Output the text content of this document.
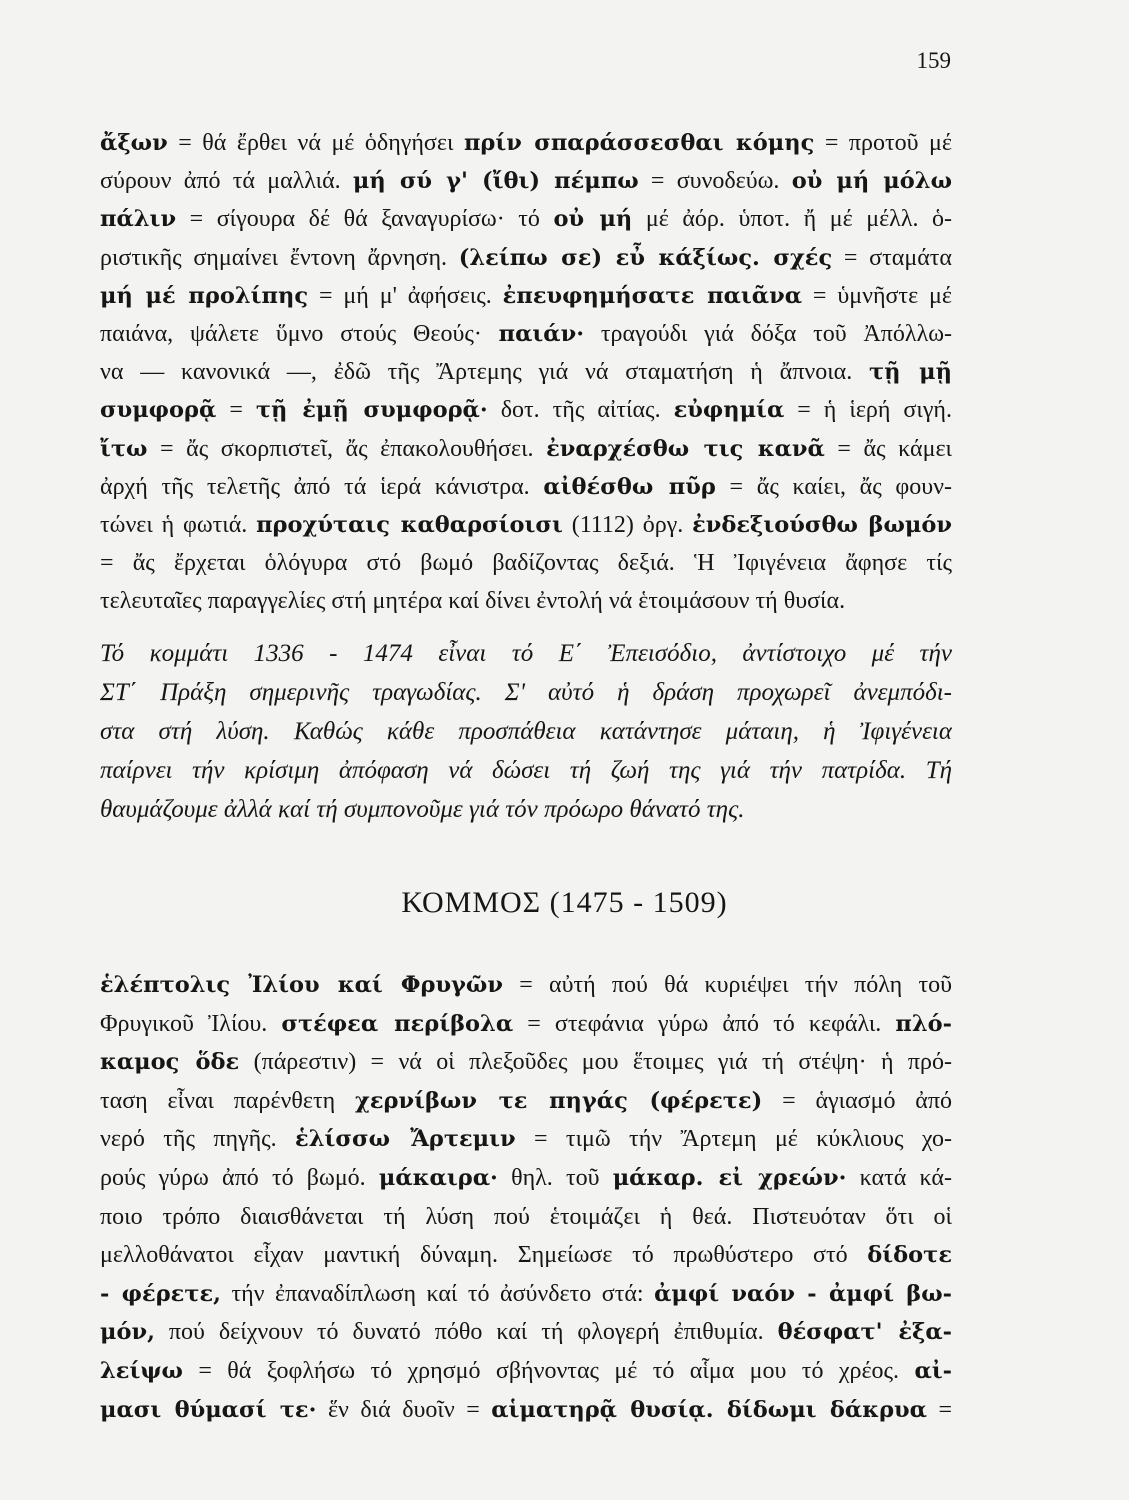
159
ἄξων = θά ἔρθει νά μέ ὁδηγήσει πρίν σπαράσσεσθαι κόμης = προτοῦ μέ
σύρουν ἀπό τά μαλλιά. μή σύ γ' (ἴθι) πέμπω = συνοδεύω. οὐ μή μόλω
πάλιν = σίγουρα δέ θά ξαναγυρίσω· τό οὐ μή μέ ἀόρ. ὑποτ. ἤ μέ μέλλ. ὁ-
ριστικῆς σημαίνει ἔντονη ἄρνηση. (λείπω σε) εὖ κάξίως. σχές = σταμάτα
μή μέ προλίπης = μή μ' ἀφήσεις. ἐπευφημήσατε παιᾶνα = ὑμνῆστε μέ
παιάνα, ψάλετε ὕμνο στούς Θεούς· παιάν· τραγούδι γιά δόξα τοῦ Ἀπόλλω-
να — κανονικά —, ἐδῶ τῆς Ἄρτεμης γιά νά σταματήση ἡ ἄπνοια. τῇ μῇ
συμφορᾷ = τῇ ἐμῇ συμφορᾷ· δοτ. τῆς αἰτίας. εὐφημία = ἡ ἱερή σιγή.
ἴτω = ἄς σκορπιστεῖ, ἄς ἐπακολουθήσει. ἐναρχέσθω τις κανᾶ = ἄς κάμει
ἀρχή τῆς τελετῆς ἀπό τά ἱερά κάνιστρα. αἰθέσθω πῦρ = ἄς καίει, ἄς φουν-
τώνει ἡ φωτιά. προχύταις καθαρσίοισι (1112) ὀργ. ἐνδεξιούσθω βωμόν
= ἄς ἔρχεται ὁλόγυρα στό βωμό βαδίζοντας δεξιά. Ἡ Ἰφιγένεια ἄφησε τίς
τελευταῖες παραγγελίες στή μητέρα καί δίνει ἐντολή νά ἑτοιμάσουν τή θυσία.
Τό κομμάτι 1336 - 1474 εἶναι τό Ε΄ Ἐπεισόδιο, ἀντίστοιχο μέ τήν
ΣΤ΄ Πράξη σημερινῆς τραγωδίας. Σ' αὐτό ἡ δράση προχωρεῖ ἀνεμπόδι-
στα στή λύση. Καθώς κάθε προσπάθεια κατάντησε μάταιη, ἡ Ἰφιγένεια
παίρνει τήν κρίσιμη ἀπόφαση νά δώσει τή ζωή της γιά τήν πατρίδα. Τή
θαυμάζουμε ἀλλά καί τή συμπονοῦμε γιά τόν πρόωρο θάνατό της.
ΚΟΜΜΟΣ (1475 - 1509)
ἑλέπτολις Ἰλίου καί Φρυγῶν = αὐτή πού θά κυριέψει τήν πόλη τοῦ
Φρυγικοῦ Ἰλίου. στέφεα περίβολα = στεφάνια γύρω ἀπό τό κεφάλι. πλό-
καμος ὅδε (πάρεστιν) = νά οἱ πλεξοῦδες μου ἕτοιμες γιά τή στέψη· ἡ πρό-
ταση εἶναι παρένθετη χερνίβων τε πηγάς (φέρετε) = ἁγιασμό ἀπό
νερό τῆς πηγῆς. ἑλίσσω Ἄρτεμιν = τιμῶ τήν Ἄρτεμη μέ κύκλιους χο-
ρούς γύρω ἀπό τό βωμό. μάκαιρα· θηλ. τοῦ μάκαρ. εἰ χρεών· κατά κά-
ποιο τρόπο διαισθάνεται τή λύση πού ἑτοιμάζει ἡ θεά. Πιστευόταν ὅτι οἱ
μελλοθάνατοι εἶχαν μαντική δύναμη. Σημείωσε τό πρωθύστερο στό δίδοτε
- φέρετε, τήν ἐπαναδίπλωση καί τό ἀσύνδετο στά: ἀμφί ναόν - ἀμφί βω-
μόν, πού δείχνουν τό δυνατό πόθο καί τή φλογερή ἐπιθυμία. θέσφατ' ἐξα-
λείψω = θά ξοφλήσω τό χρησμό σβήνοντας μέ τό αἷμα μου τό χρέος. αἰ-
μασι θύμασί τε· ἕν διά δυοῖν = αἱματηρᾷ θυσίᾳ. δίδωμι δάκρυα =
